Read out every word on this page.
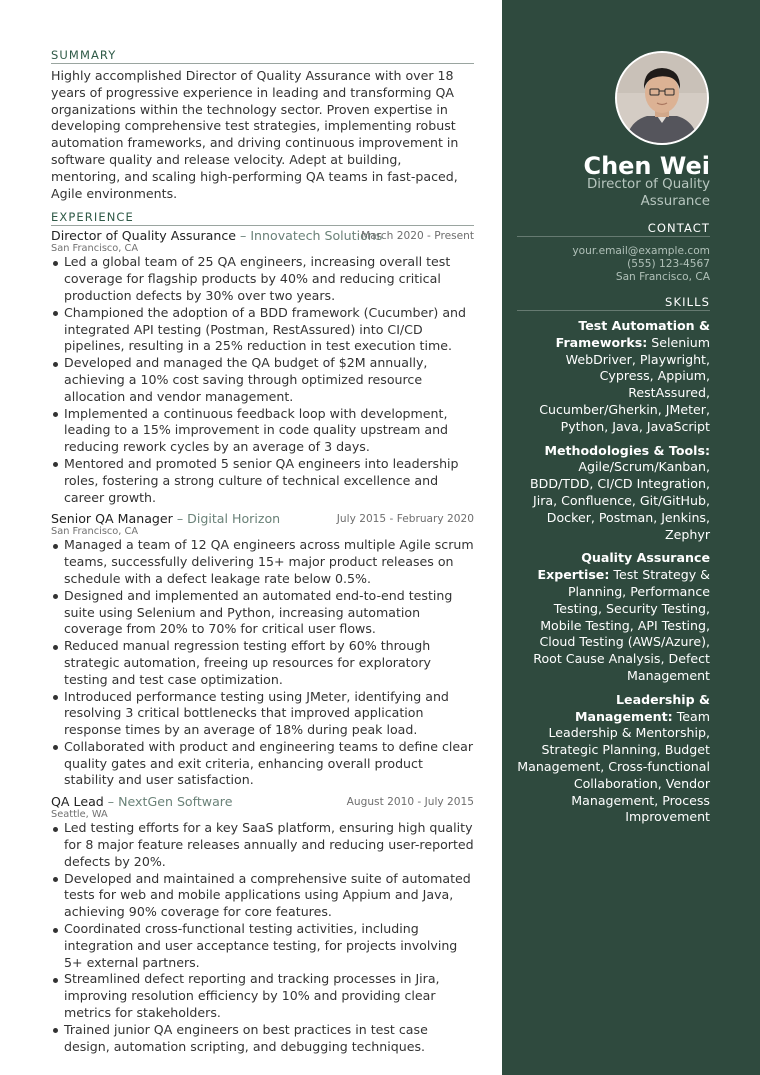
SUMMARY

Highly accomplished Director of Quality Assurance with over 18 years of progressive experience in leading and transforming QA organizations within the technology sector. Proven expertise in developing comprehensive test strategies, implementing robust automation frameworks, and driving continuous improvement in software quality and release velocity. Adept at building, mentoring, and scaling high-performing QA teams in fast-paced, Agile environments.

EXPERIENCE
Director of Quality Assurance – Innovatech Solutions
March 2020 - Present
San Francisco, CA
Led a global team of 25 QA engineers, increasing overall test coverage for flagship products by 40% and reducing critical production defects by 30% over two years.
Championed the adoption of a BDD framework (Cucumber) and integrated API testing (Postman, RestAssured) into CI/CD pipelines, resulting in a 25% reduction in test execution time.
Developed and managed the QA budget of $2M annually, achieving a 10% cost saving through optimized resource allocation and vendor management.
Implemented a continuous feedback loop with development, leading to a 15% improvement in code quality upstream and reducing rework cycles by an average of 3 days.
Mentored and promoted 5 senior QA engineers into leadership roles, fostering a strong culture of technical excellence and career growth.
Senior QA Manager – Digital Horizon	July 2015 - February 2020
San Francisco, CA
Managed a team of 12 QA engineers across multiple Agile scrum teams, successfully delivering 15+ major product releases on schedule with a defect leakage rate below 0.5%.
Designed and implemented an automated end-to-end testing suite using Selenium and Python, increasing automation coverage from 20% to 70% for critical user flows.
Reduced manual regression testing effort by 60% through strategic automation, freeing up resources for exploratory testing and test case optimization.
Introduced performance testing using JMeter, identifying and resolving 3 critical bottlenecks that improved application response times by an average of 18% during peak load.
Collaborated with product and engineering teams to define clear quality gates and exit criteria, enhancing overall product stability and user satisfaction.
QA Lead – NextGen Software	August 2010 - July 2015
Seattle, WA
Led testing efforts for a key SaaS platform, ensuring high quality for 8 major feature releases annually and reducing user-reported defects by 20%.
Developed and maintained a comprehensive suite of automated tests for web and mobile applications using Appium and Java, achieving 90% coverage for core features.
Coordinated cross-functional testing activities, including integration and user acceptance testing, for projects involving 5+ external partners.
Streamlined defect reporting and tracking processes in Jira, improving resolution efficiency by 10% and providing clear metrics for stakeholders.
Trained junior QA engineers on best practices in test case design, automation scripting, and debugging techniques.
Chen Wei
Director of Quality
Assurance
CONTACT
your.email@example.com
(555) 123-4567
San Francisco, CA
SKILLS
Test Automation & Frameworks: Selenium WebDriver, Playwright, Cypress, Appium, RestAssured, Cucumber/Gherkin, JMeter, Python, Java, JavaScript
Methodologies & Tools: Agile/Scrum/Kanban, BDD/TDD, CI/CD Integration, Jira, Confluence, Git/GitHub, Docker, Postman, Jenkins, Zephyr
Quality Assurance Expertise: Test Strategy & Planning, Performance Testing, Security Testing, Mobile Testing, API Testing, Cloud Testing (AWS/Azure), Root Cause Analysis, Defect Management
Leadership & Management: Team Leadership & Mentorship, Strategic Planning, Budget Management, Cross-functional Collaboration, Vendor Management, Process Improvement
